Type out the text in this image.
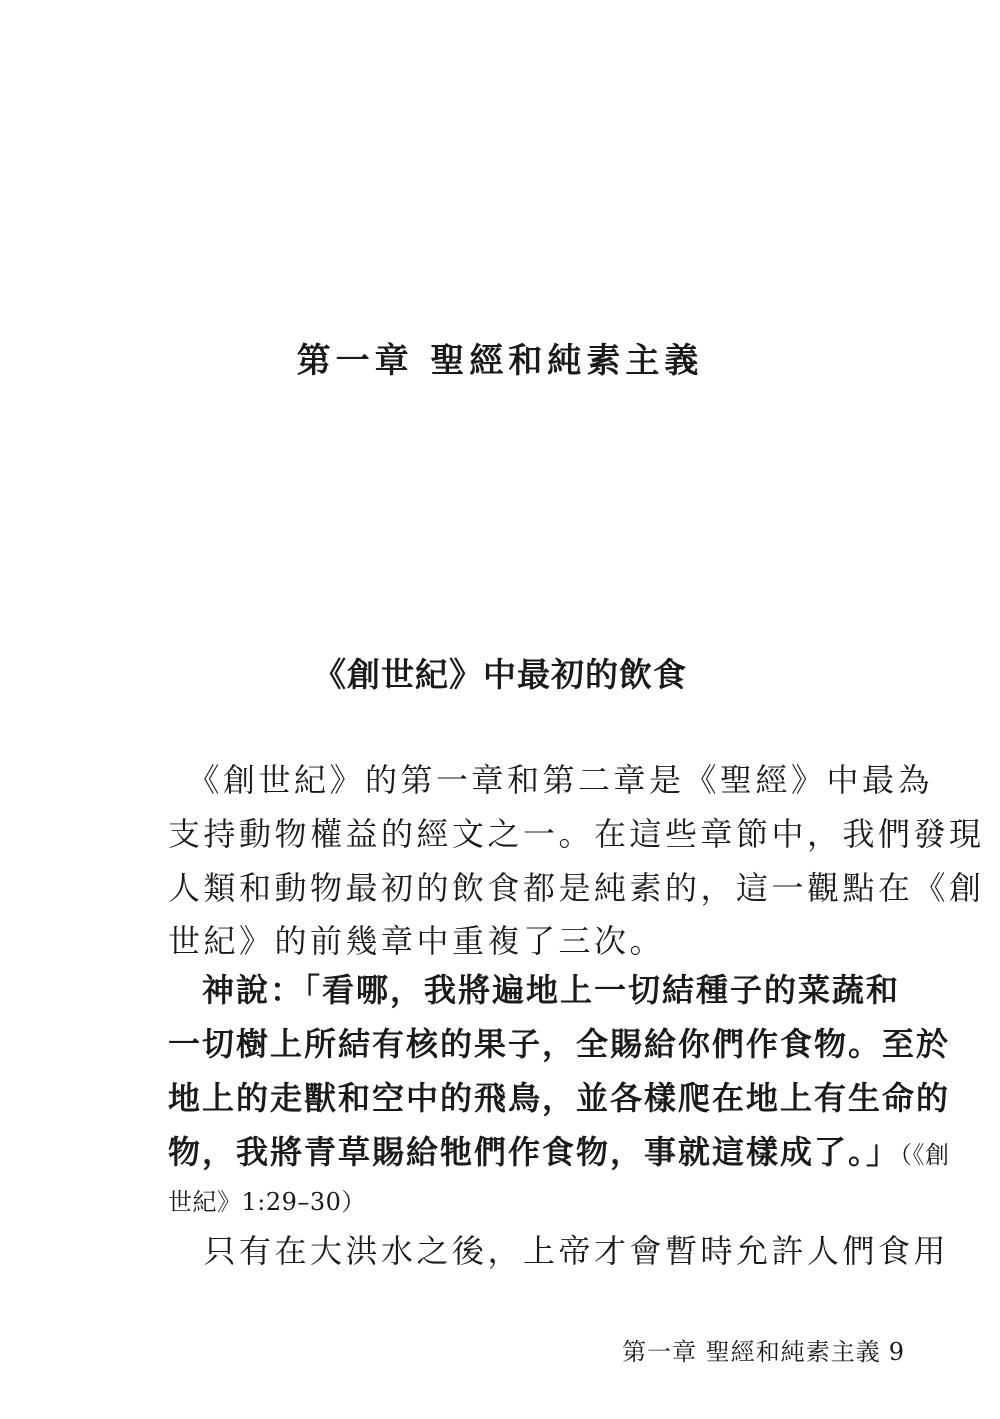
第一章 聖經和純素主義
《創世紀》中最初的飲食

　《創世紀》的第一章和第二章是《聖經》中最為

支持動物權益的經文之一。在這些章節中，我們發現

人類和動物最初的飲食都是純素的，這一觀點在《創

世紀》的前幾章中重複了三次。

　神說：「看哪，我將遍地上一切結種子的菜蔬和

一切樹上所結有核的果子，全賜給你們作食物。至於

地上的走獸和空中的飛鳥，並各樣爬在地上有生命的

物，我將青草賜給牠們作食物，事就這樣成了。」（《創

世紀》1:29–30）

　只有在大洪水之後，上帝才會暫時允許人們食用

第一章 聖經和純素主義 9
